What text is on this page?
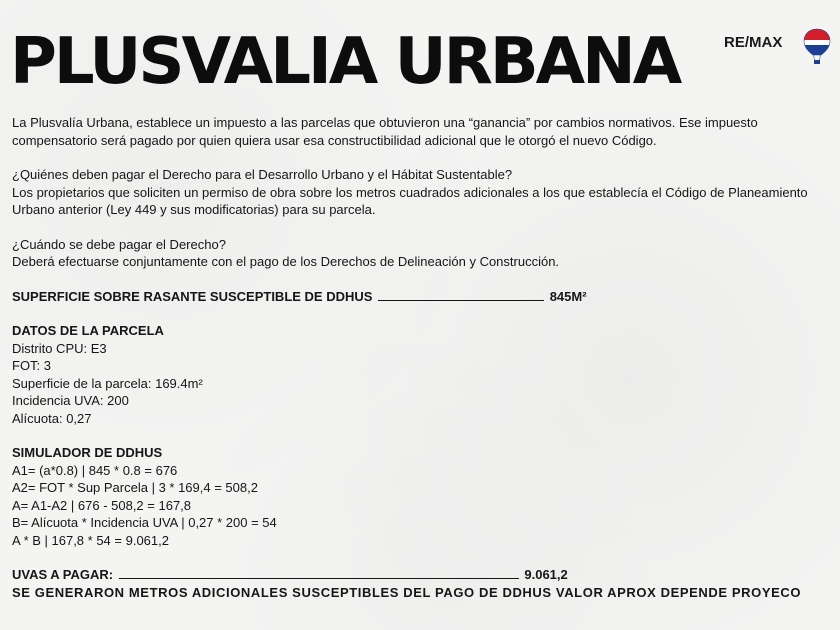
PLUSVALIA URBANA	RE/MAX
La Plusvalía Urbana, establece un impuesto a las parcelas que obtuvieron una “ganancia” por cambios normativos. Ese impuesto
compensatorio será pagado por quien quiera usar esa constructibilidad adicional que le otorgó el nuevo Código.
¿Quiénes deben pagar el Derecho para el Desarrollo Urbano y el Hábitat Sustentable?
Los propietarios que soliciten un permiso de obra sobre los metros cuadrados adicionales a los que establecía el Código de Planeamiento
Urbano anterior (Ley 449 y sus modificatorias) para su parcela.
¿Cuándo se debe pagar el Derecho?
Deberá efectuarse conjuntamente con el pago de los Derechos de Delineación y Construcción.
SUPERFICIE SOBRE RASANTE SUSCEPTIBLE DE DDHUS	845M²
DATOS DE LA PARCELA
Distrito CPU: E3
FOT: 3
Superficie de la parcela: 169.4m²
Incidencia UVA: 200
Alícuota: 0,27
SIMULADOR DE DDHUS
A1= (a*0.8) | 845 * 0.8 = 676
A2= FOT * Sup Parcela | 3 * 169,4 = 508,2
A= A1-A2 | 676 - 508,2 = 167,8
B= Alícuota * Incidencia UVA | 0,27 * 200 = 54
A * B | 167,8 * 54 = 9.061,2
UVAS A PAGAR:	9.061,2
SE GENERARON METROS ADICIONALES SUSCEPTIBLES DEL PAGO DE DDHUS VALOR APROX DEPENDE PROYECO
